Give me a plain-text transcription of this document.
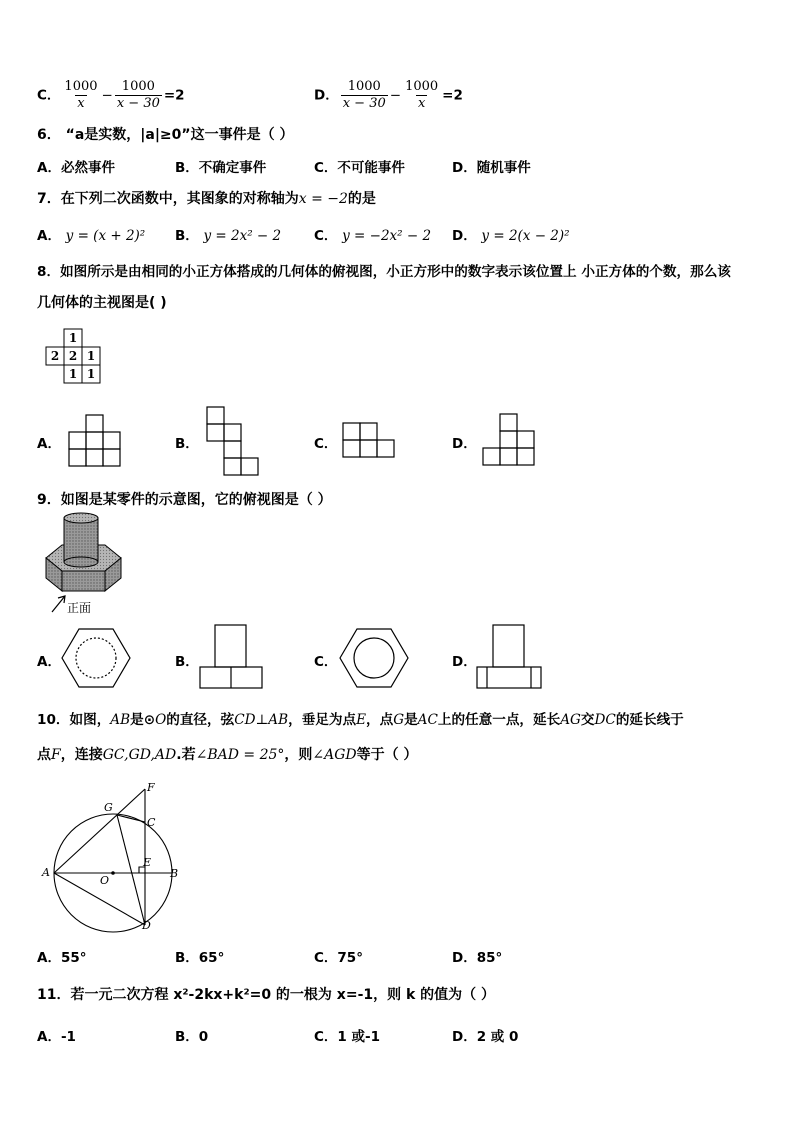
C． $\frac{1000}{x} - \frac{1000}{x - 30} =2$	D． $\frac{1000}{x - 30} - \frac{1000}{x} =2$
6． “a是实数，|a|≥0”这一事件是（ ）
A．必然事件	B．不确定事件	C．不可能事件	D．随机事件
7．在下列二次函数中，其图象的对称轴为x = −2的是
A． y = (x + 2)² B． y = 2x² − 2 C． y = −2x² − 2 D． y = 2(x − 2)²
8．如图所示是由相同的小正方体搭成的几何体的俯视图，小正方形中的数字表示该位置上 小正方体的个数，那么该
几何体的主视图是( )
1
2 2 1
1 1
A．	B．	C．	D．
9．如图是某零件的示意图，它的俯视图是（ ）
正面
A．	B．	C．	D．
10．如图，AB是⊙O的直径，弦CD⊥AB，垂足为点E，点G是AC上的任意一点，延长AG交DC的延长线于
点F，连接GC,GD,AD.若∠BAD = 25°，则∠AGD等于（ ）
F
G
C
E
A
O
B
D
A．55°	B．65°	C．75°	D．85°
11．若一元二次方程 x²-2kx+k²=0 的一根为 x=-1，则 k 的值为（ ）
A．-1	B．0	C．1 或-1	D．2 或 0
